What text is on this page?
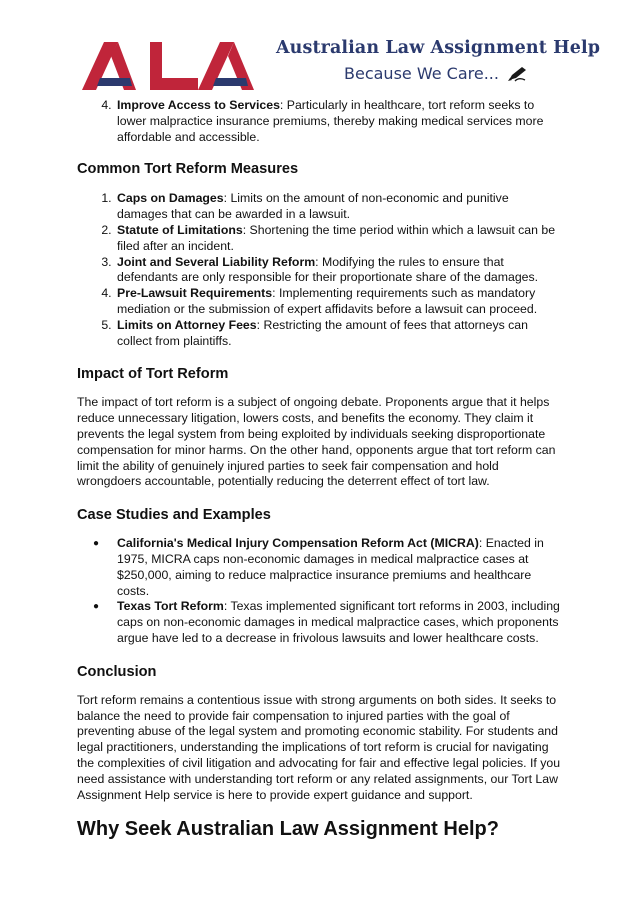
Australian Law Assignment Help
Because We Care...
4. Improve Access to Services: Particularly in healthcare, tort reform seeks to lower malpractice insurance premiums, thereby making medical services more affordable and accessible.
Common Tort Reform Measures
1. Caps on Damages: Limits on the amount of non-economic and punitive damages that can be awarded in a lawsuit.
2. Statute of Limitations: Shortening the time period within which a lawsuit can be filed after an incident.
3. Joint and Several Liability Reform: Modifying the rules to ensure that defendants are only responsible for their proportionate share of the damages.
4. Pre-Lawsuit Requirements: Implementing requirements such as mandatory mediation or the submission of expert affidavits before a lawsuit can proceed.
5. Limits on Attorney Fees: Restricting the amount of fees that attorneys can collect from plaintiffs.
Impact of Tort Reform

The impact of tort reform is a subject of ongoing debate. Proponents argue that it helps reduce unnecessary litigation, lowers costs, and benefits the economy. They claim it prevents the legal system from being exploited by individuals seeking disproportionate compensation for minor harms. On the other hand, opponents argue that tort reform can limit the ability of genuinely injured parties to seek fair compensation and hold wrongdoers accountable, potentially reducing the deterrent effect of tort law.

Case Studies and Examples
● California's Medical Injury Compensation Reform Act (MICRA): Enacted in 1975, MICRA caps non-economic damages in medical malpractice cases at $250,000, aiming to reduce malpractice insurance premiums and healthcare costs.
● Texas Tort Reform: Texas implemented significant tort reforms in 2003, including caps on non-economic damages in medical malpractice cases, which proponents argue have led to a decrease in frivolous lawsuits and lower healthcare costs.
Conclusion

Tort reform remains a contentious issue with strong arguments on both sides. It seeks to balance the need to provide fair compensation to injured parties with the goal of preventing abuse of the legal system and promoting economic stability. For students and legal practitioners, understanding the implications of tort reform is crucial for navigating the complexities of civil litigation and advocating for fair and effective legal policies. If you need assistance with understanding tort reform or any related assignments, our Tort Law Assignment Help service is here to provide expert guidance and support.

Why Seek Australian Law Assignment Help?
